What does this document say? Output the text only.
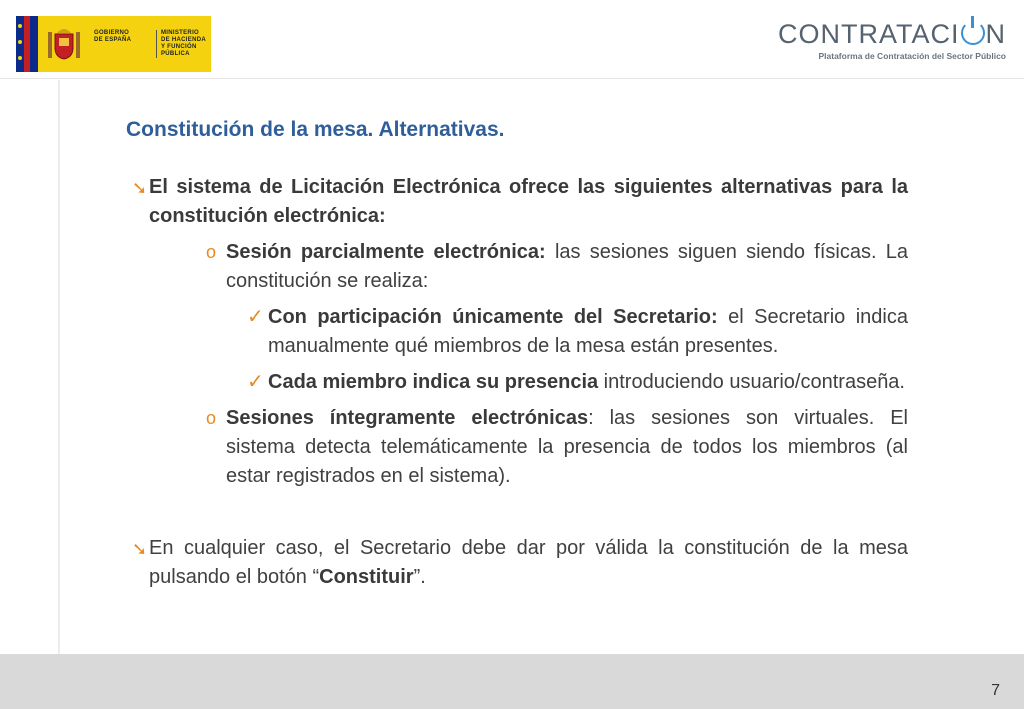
GOBIERNO
DE ESPAÑA
MINISTERIO
DE HACIENDA
Y FUNCIÓN PÚBLICA
CONTRATACI N
Plataforma de Contratación del Sector Público
Constitución de la mesa. Alternativas.
➘ El sistema de Licitación Electrónica ofrece las siguientes alternativas para la constitución electrónica:
o Sesión parcialmente electrónica: las sesiones siguen siendo físicas. La constitución se realiza:
✓ Con participación únicamente del Secretario: el Secretario indica manualmente qué miembros de la mesa están presentes.
✓ Cada miembro indica su presencia introduciendo usuario/contraseña.
o Sesiones íntegramente electrónicas: las sesiones son virtuales. El sistema detecta telemáticamente la presencia de todos los miembros (al estar registrados en el sistema).
➘ En cualquier caso, el Secretario debe dar por válida la constitución de la mesa pulsando el botón “Constituir”.
7
